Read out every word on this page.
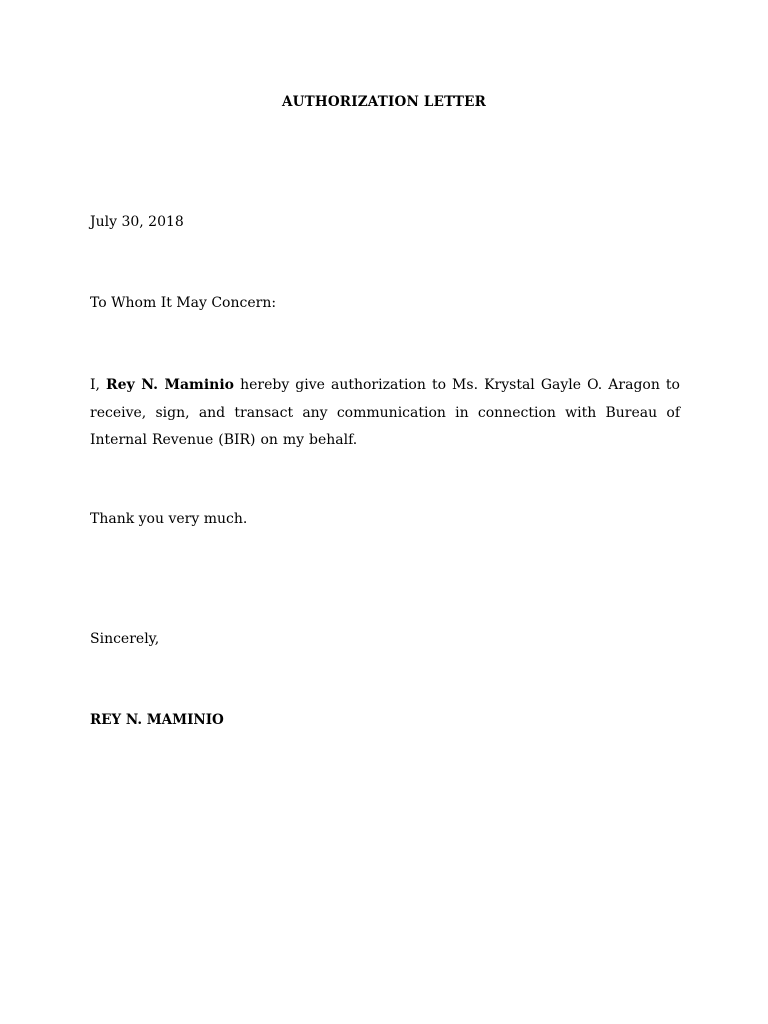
AUTHORIZATION LETTER
July 30, 2018
To Whom It May Concern:
I, Rey N. Maminio hereby give authorization to Ms. Krystal Gayle O. Aragon to receive, sign, and transact any communication in connection with Bureau of Internal Revenue (BIR) on my behalf.
Thank you very much.
Sincerely,
REY N. MAMINIO
